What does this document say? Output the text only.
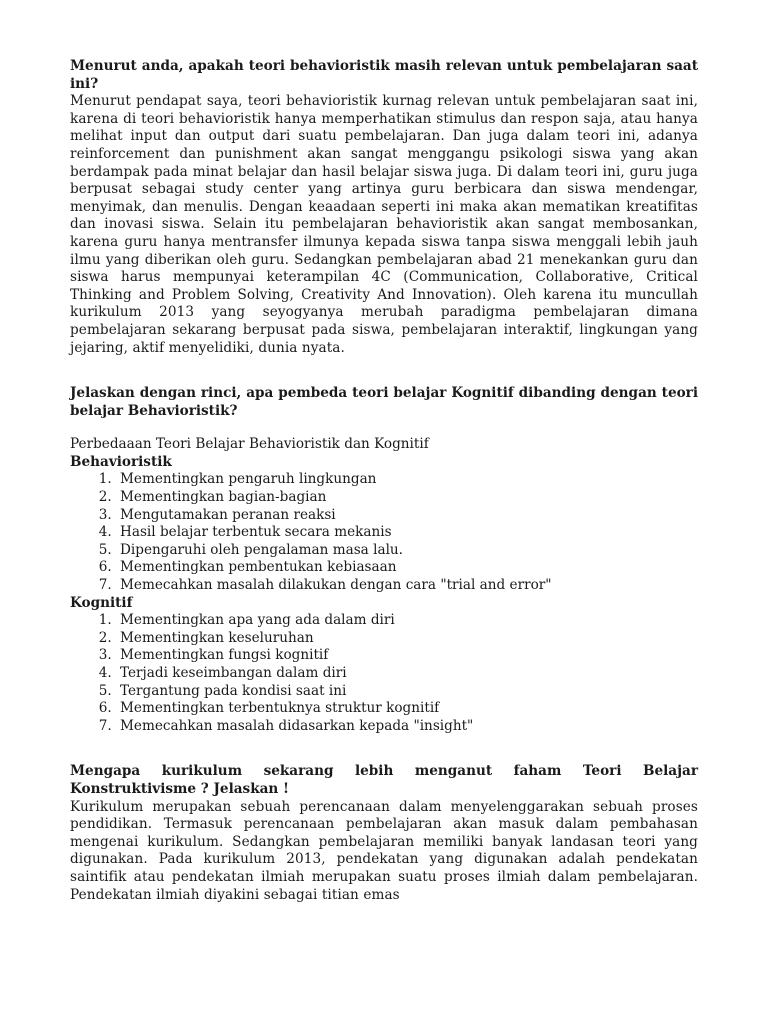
Menurut anda, apakah teori behavioristik masih relevan untuk pembelajaran saat ini?

Menurut pendapat saya, teori behavioristik kurnag relevan untuk pembelajaran saat ini, karena di teori behavioristik hanya memperhatikan stimulus dan respon saja, atau hanya melihat input dan output dari suatu pembelajaran. Dan juga dalam teori ini, adanya reinforcement dan punishment akan sangat menggangu psikologi siswa yang akan berdampak pada minat belajar dan hasil belajar siswa juga. Di dalam teori ini, guru juga berpusat sebagai study center yang artinya guru berbicara dan siswa mendengar, menyimak, dan menulis. Dengan keaadaan seperti ini maka akan mematikan kreatifitas dan inovasi siswa. Selain itu pembelajaran behavioristik akan sangat membosankan, karena guru hanya mentransfer ilmunya kepada siswa tanpa siswa menggali lebih jauh ilmu yang diberikan oleh guru. Sedangkan pembelajaran abad 21 menekankan guru dan siswa harus mempunyai keterampilan 4C (Communication, Collaborative, Critical Thinking and Problem Solving, Creativity And Innovation). Oleh karena itu muncullah kurikulum 2013 yang seyogyanya merubah paradigma pembelajaran dimana pembelajaran sekarang berpusat pada siswa, pembelajaran interaktif, lingkungan yang jejaring, aktif menyelidiki, dunia nyata.

Jelaskan dengan rinci, apa pembeda teori belajar Kognitif dibanding dengan teori belajar Behavioristik?

Perbedaaan Teori Belajar Behavioristik dan Kognitif

Behavioristik

1. Mementingkan pengaruh lingkungan
2. Mementingkan bagian-bagian
3. Mengutamakan peranan reaksi
4. Hasil belajar terbentuk secara mekanis
5. Dipengaruhi oleh pengalaman masa lalu.
6. Mementingkan pembentukan kebiasaan
7. Memecahkan masalah dilakukan dengan cara "trial and error"

Kognitif

1. Mementingkan apa yang ada dalam diri
2. Mementingkan keseluruhan
3. Mementingkan fungsi kognitif
4. Terjadi keseimbangan dalam diri
5. Tergantung pada kondisi saat ini
6. Mementingkan terbentuknya struktur kognitif
7. Memecahkan masalah didasarkan kepada "insight"

Mengapa kurikulum sekarang lebih menganut faham Teori Belajar Konstruktivisme ? Jelaskan !

Kurikulum merupakan sebuah perencanaan dalam menyelenggarakan sebuah proses pendidikan. Termasuk perencanaan pembelajaran akan masuk dalam pembahasan mengenai kurikulum. Sedangkan pembelajaran memiliki banyak landasan teori yang digunakan. Pada kurikulum 2013, pendekatan yang digunakan adalah pendekatan saintifik atau pendekatan ilmiah merupakan suatu proses ilmiah dalam pembelajaran. Pendekatan ilmiah diyakini sebagai titian emas
